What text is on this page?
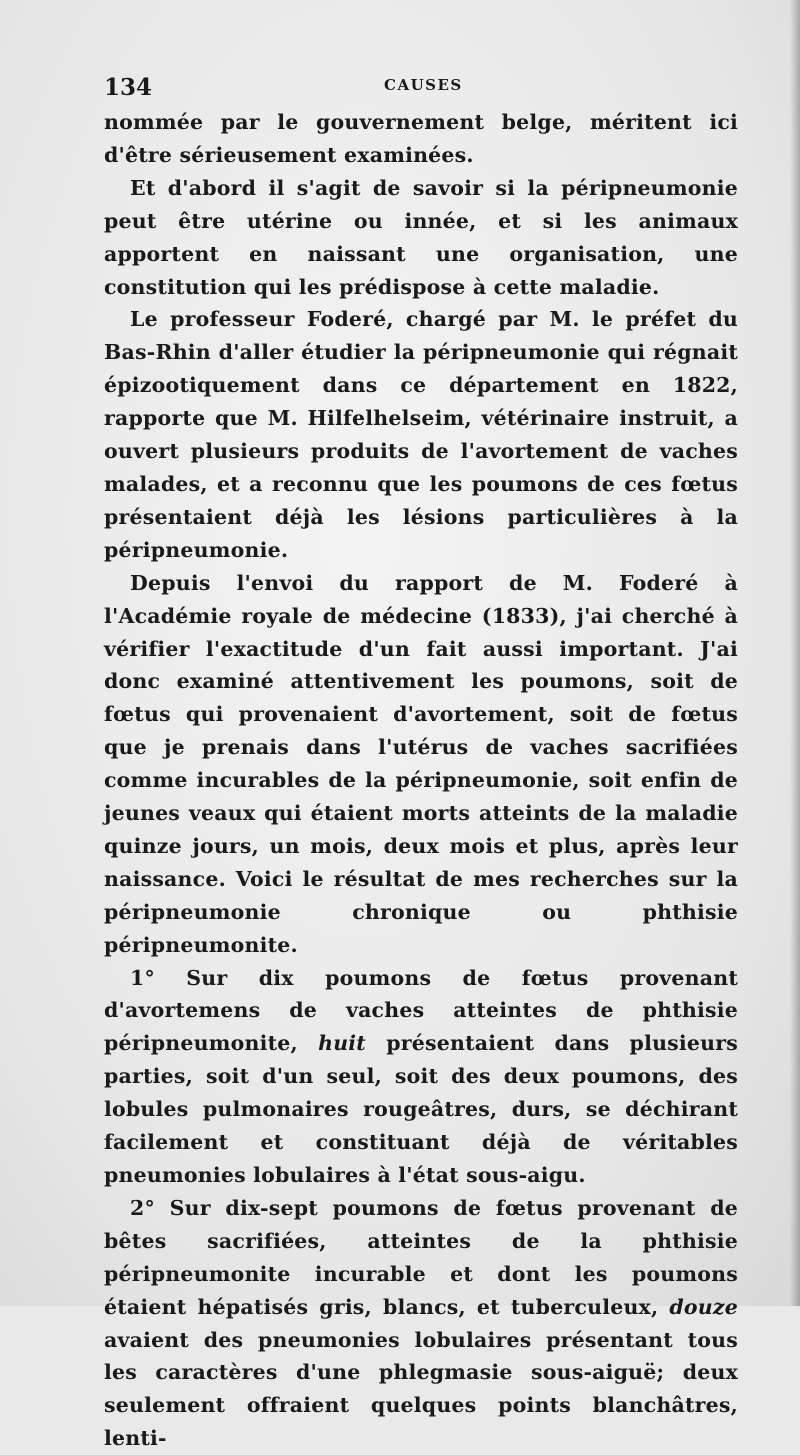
134	CAUSES

nommée par le gouvernement belge, méritent ici d'être sérieusement examinées.

Et d'abord il s'agit de savoir si la péripneumonie peut être utérine ou innée, et si les animaux apportent en naissant une organisation, une constitution qui les prédispose à cette maladie.

Le professeur Foderé, chargé par M. le préfet du Bas-Rhin d'aller étudier la péripneumonie qui régnait épizootiquement dans ce département en 1822, rapporte que M. Hilfelhelseim, vétérinaire instruit, a ouvert plusieurs produits de l'avortement de vaches malades, et a reconnu que les poumons de ces fœtus présentaient déjà les lésions particulières à la péripneumonie.

Depuis l'envoi du rapport de M. Foderé à l'Académie royale de médecine (1833), j'ai cherché à vérifier l'exactitude d'un fait aussi important. J'ai donc examiné attentivement les poumons, soit de fœtus qui provenaient d'avortement, soit de fœtus que je prenais dans l'utérus de vaches sacrifiées comme incurables de la péripneumonie, soit enfin de jeunes veaux qui étaient morts atteints de la maladie quinze jours, un mois, deux mois et plus, après leur naissance. Voici le résultat de mes recherches sur la péripneumonie chronique ou phthisie péripneumonite.

1° Sur dix poumons de fœtus provenant d'avortemens de vaches atteintes de phthisie péripneumonite, huit présentaient dans plusieurs parties, soit d'un seul, soit des deux poumons, des lobules pulmonaires rougeâtres, durs, se déchirant facilement et constituant déjà de véritables pneumonies lobulaires à l'état sous-aigu.

2° Sur dix-sept poumons de fœtus provenant de bêtes sacrifiées, atteintes de la phthisie péripneumonite incurable et dont les poumons étaient hépatisés gris, blancs, et tuberculeux, douze avaient des pneumonies lobulaires présentant tous les caractères d'une phlegmasie sous-aiguë; deux seulement offraient quelques points blanchâtres, lenti-
